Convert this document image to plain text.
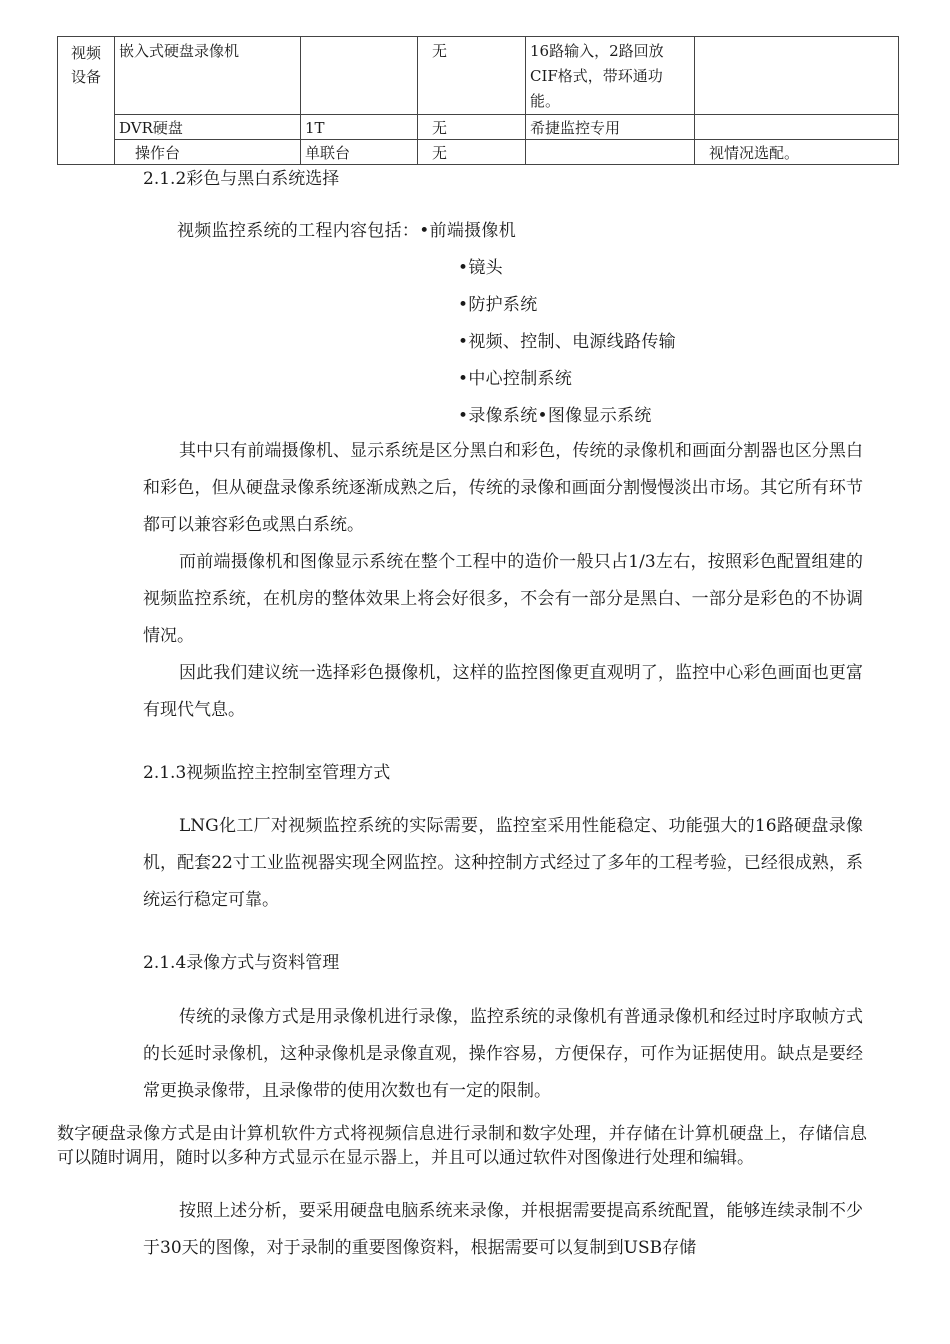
视频设备	嵌入式硬盘录像机		无	16路输入，2路回放CIF格式，带环通功能。	
	DVR硬盘	1T	无	希捷监控专用	
	操作台	单联台	无		视情况选配。
2.1.2彩色与黑白系统选择
视频监控系统的工程内容包括：•前端摄像机
•镜头
•防护系统
•视频、控制、电源线路传输
•中心控制系统
•录像系统•图像显示系统
其中只有前端摄像机、显示系统是区分黑白和彩色，传统的录像机和画面分割器也区分黑白和彩色，但从硬盘录像系统逐渐成熟之后，传统的录像和画面分割慢慢淡出市场。其它所有环节都可以兼容彩色或黑白系统。
而前端摄像机和图像显示系统在整个工程中的造价一般只占1/3左右，按照彩色配置组建的视频监控系统，在机房的整体效果上将会好很多，不会有一部分是黑白、一部分是彩色的不协调情况。
因此我们建议统一选择彩色摄像机，这样的监控图像更直观明了，监控中心彩色画面也更富有现代气息。
2.1.3视频监控主控制室管理方式
LNG化工厂对视频监控系统的实际需要，监控室采用性能稳定、功能强大的16路硬盘录像机，配套22寸工业监视器实现全网监控。这种控制方式经过了多年的工程考验，已经很成熟，系统运行稳定可靠。
2.1.4录像方式与资料管理
传统的录像方式是用录像机进行录像，监控系统的录像机有普通录像机和经过时序取帧方式的长延时录像机，这种录像机是录像直观，操作容易，方便保存，可作为证据使用。缺点是要经常更换录像带，且录像带的使用次数也有一定的限制。
数字硬盘录像方式是由计算机软件方式将视频信息进行录制和数字处理，并存储在计算机硬盘上，存储信息可以随时调用，随时以多种方式显示在显示器上，并且可以通过软件对图像进行处理和编辑。
按照上述分析，要采用硬盘电脑系统来录像，并根据需要提高系统配置，能够连续录制不少于30天的图像，对于录制的重要图像资料，根据需要可以复制到USB存储
